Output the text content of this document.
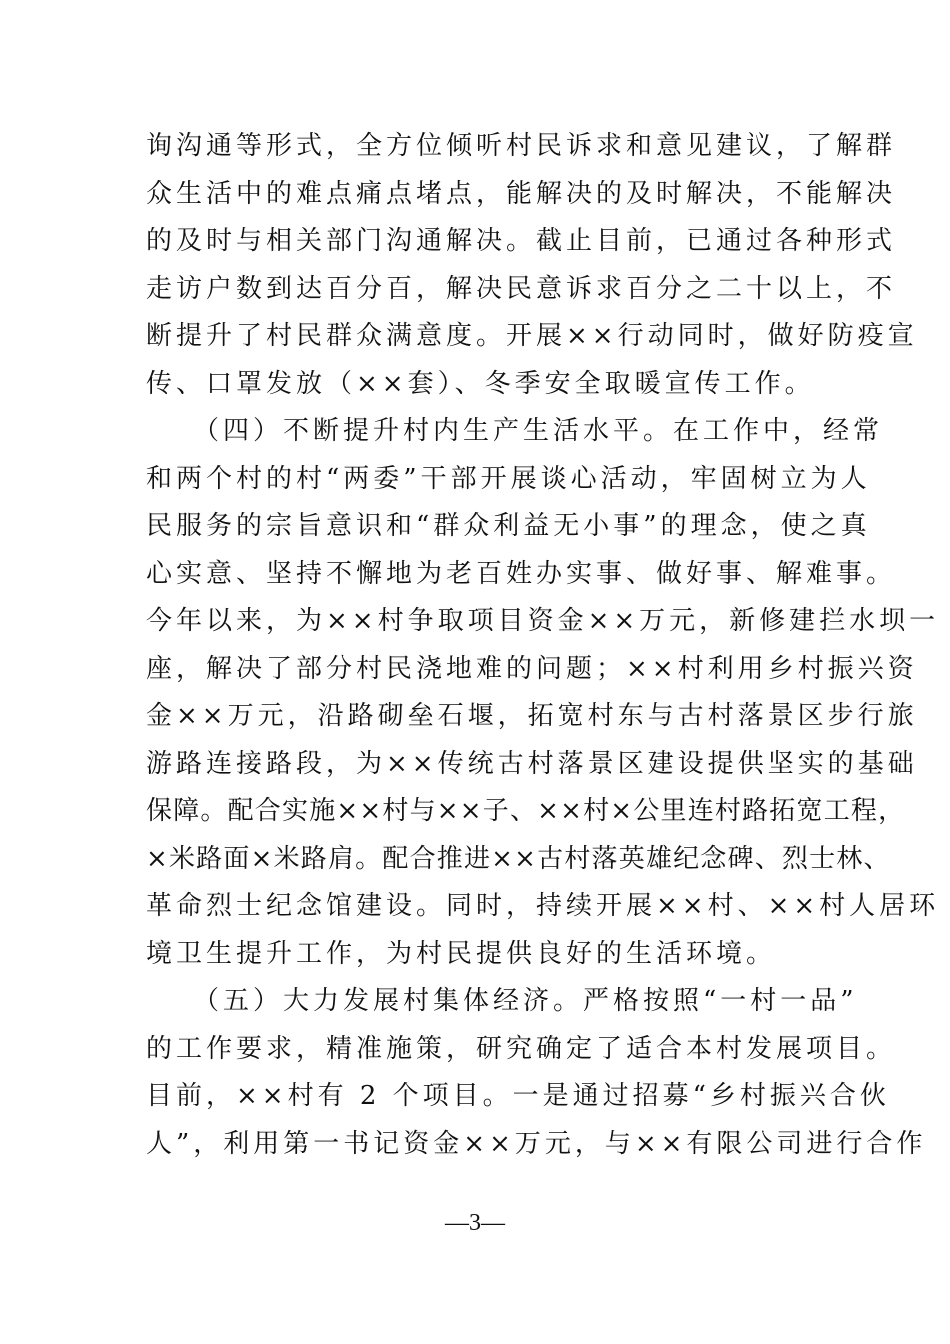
询沟通等形式，全方位倾听村民诉求和意见建议，了解群
众生活中的难点痛点堵点，能解决的及时解决，不能解决
的及时与相关部门沟通解决。截止目前，已通过各种形式
走访户数到达百分百，解决民意诉求百分之二十以上，不
断提升了村民群众满意度。开展××行动同时，做好防疫宣
传、口罩发放（××套）、冬季安全取暖宣传工作。
　　（四）不断提升村内生产生活水平。在工作中，经常
和两个村的村“两委”干部开展谈心活动，牢固树立为人
民服务的宗旨意识和“群众利益无小事”的理念，使之真
心实意、坚持不懈地为老百姓办实事、做好事、解难事。
今年以来，为××村争取项目资金××万元，新修建拦水坝一
座，解决了部分村民浇地难的问题；××村利用乡村振兴资
金××万元，沿路砌垒石堰，拓宽村东与古村落景区步行旅
游路连接路段，为××传统古村落景区建设提供坚实的基础
保障。配合实施××村与××子、××村×公里连村路拓宽工程，
×米路面×米路肩。配合推进××古村落英雄纪念碑、烈士林、
革命烈士纪念馆建设。同时，持续开展××村、××村人居环
境卫生提升工作，为村民提供良好的生活环境。
　　（五）大力发展村集体经济。严格按照“一村一品”
的工作要求，精准施策，研究确定了适合本村发展项目。
目前，××村有 2 个项目。一是通过招募“乡村振兴合伙
人”，利用第一书记资金××万元，与××有限公司进行合作
—3—
